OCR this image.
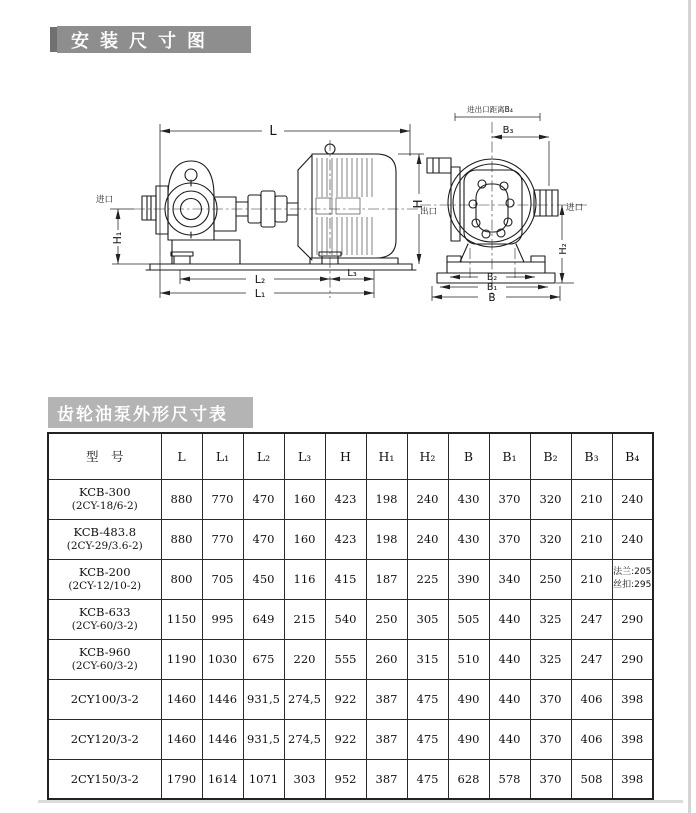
安装尺寸图
L
H
H₁
L₂	L₃
L₁
进口
进出口距离B₄
B₃
H₂
B₂
B₁
B
出口	进口
齿轮油泵外形尺寸表
型　号	L	L₁	L₂	L₃	H	H₁	H₂	B	B₁	B₂	B₃	B₄

KCB-300
(2CY-18/6-2)	880	770	470	160	423	198	240	430	370	320	210	240

KCB-483.8
(2CY-29/3.6-2)	880	770	470	160	423	198	240	430	370	320	210	240

KCB-200
(2CY-12/10-2)	800	705	450	116	415	187	225	390	340	250	210	
法兰:205
丝扣:295

KCB-633
(2CY-60/3-2)	1150	995	649	215	540	250	305	505	440	325	247	290

KCB-960
(2CY-60/3-2)	1190	1030	675	220	555	260	315	510	440	325	247	290

2CY100/3-2	1460	1446	931,5	274,5	922	387	475	490	440	370	406	398

2CY120/3-2	1460	1446	931,5	274,5	922	387	475	490	440	370	406	398

2CY150/3-2	1790	1614	1071	303	952	387	475	628	578	370	508	398
